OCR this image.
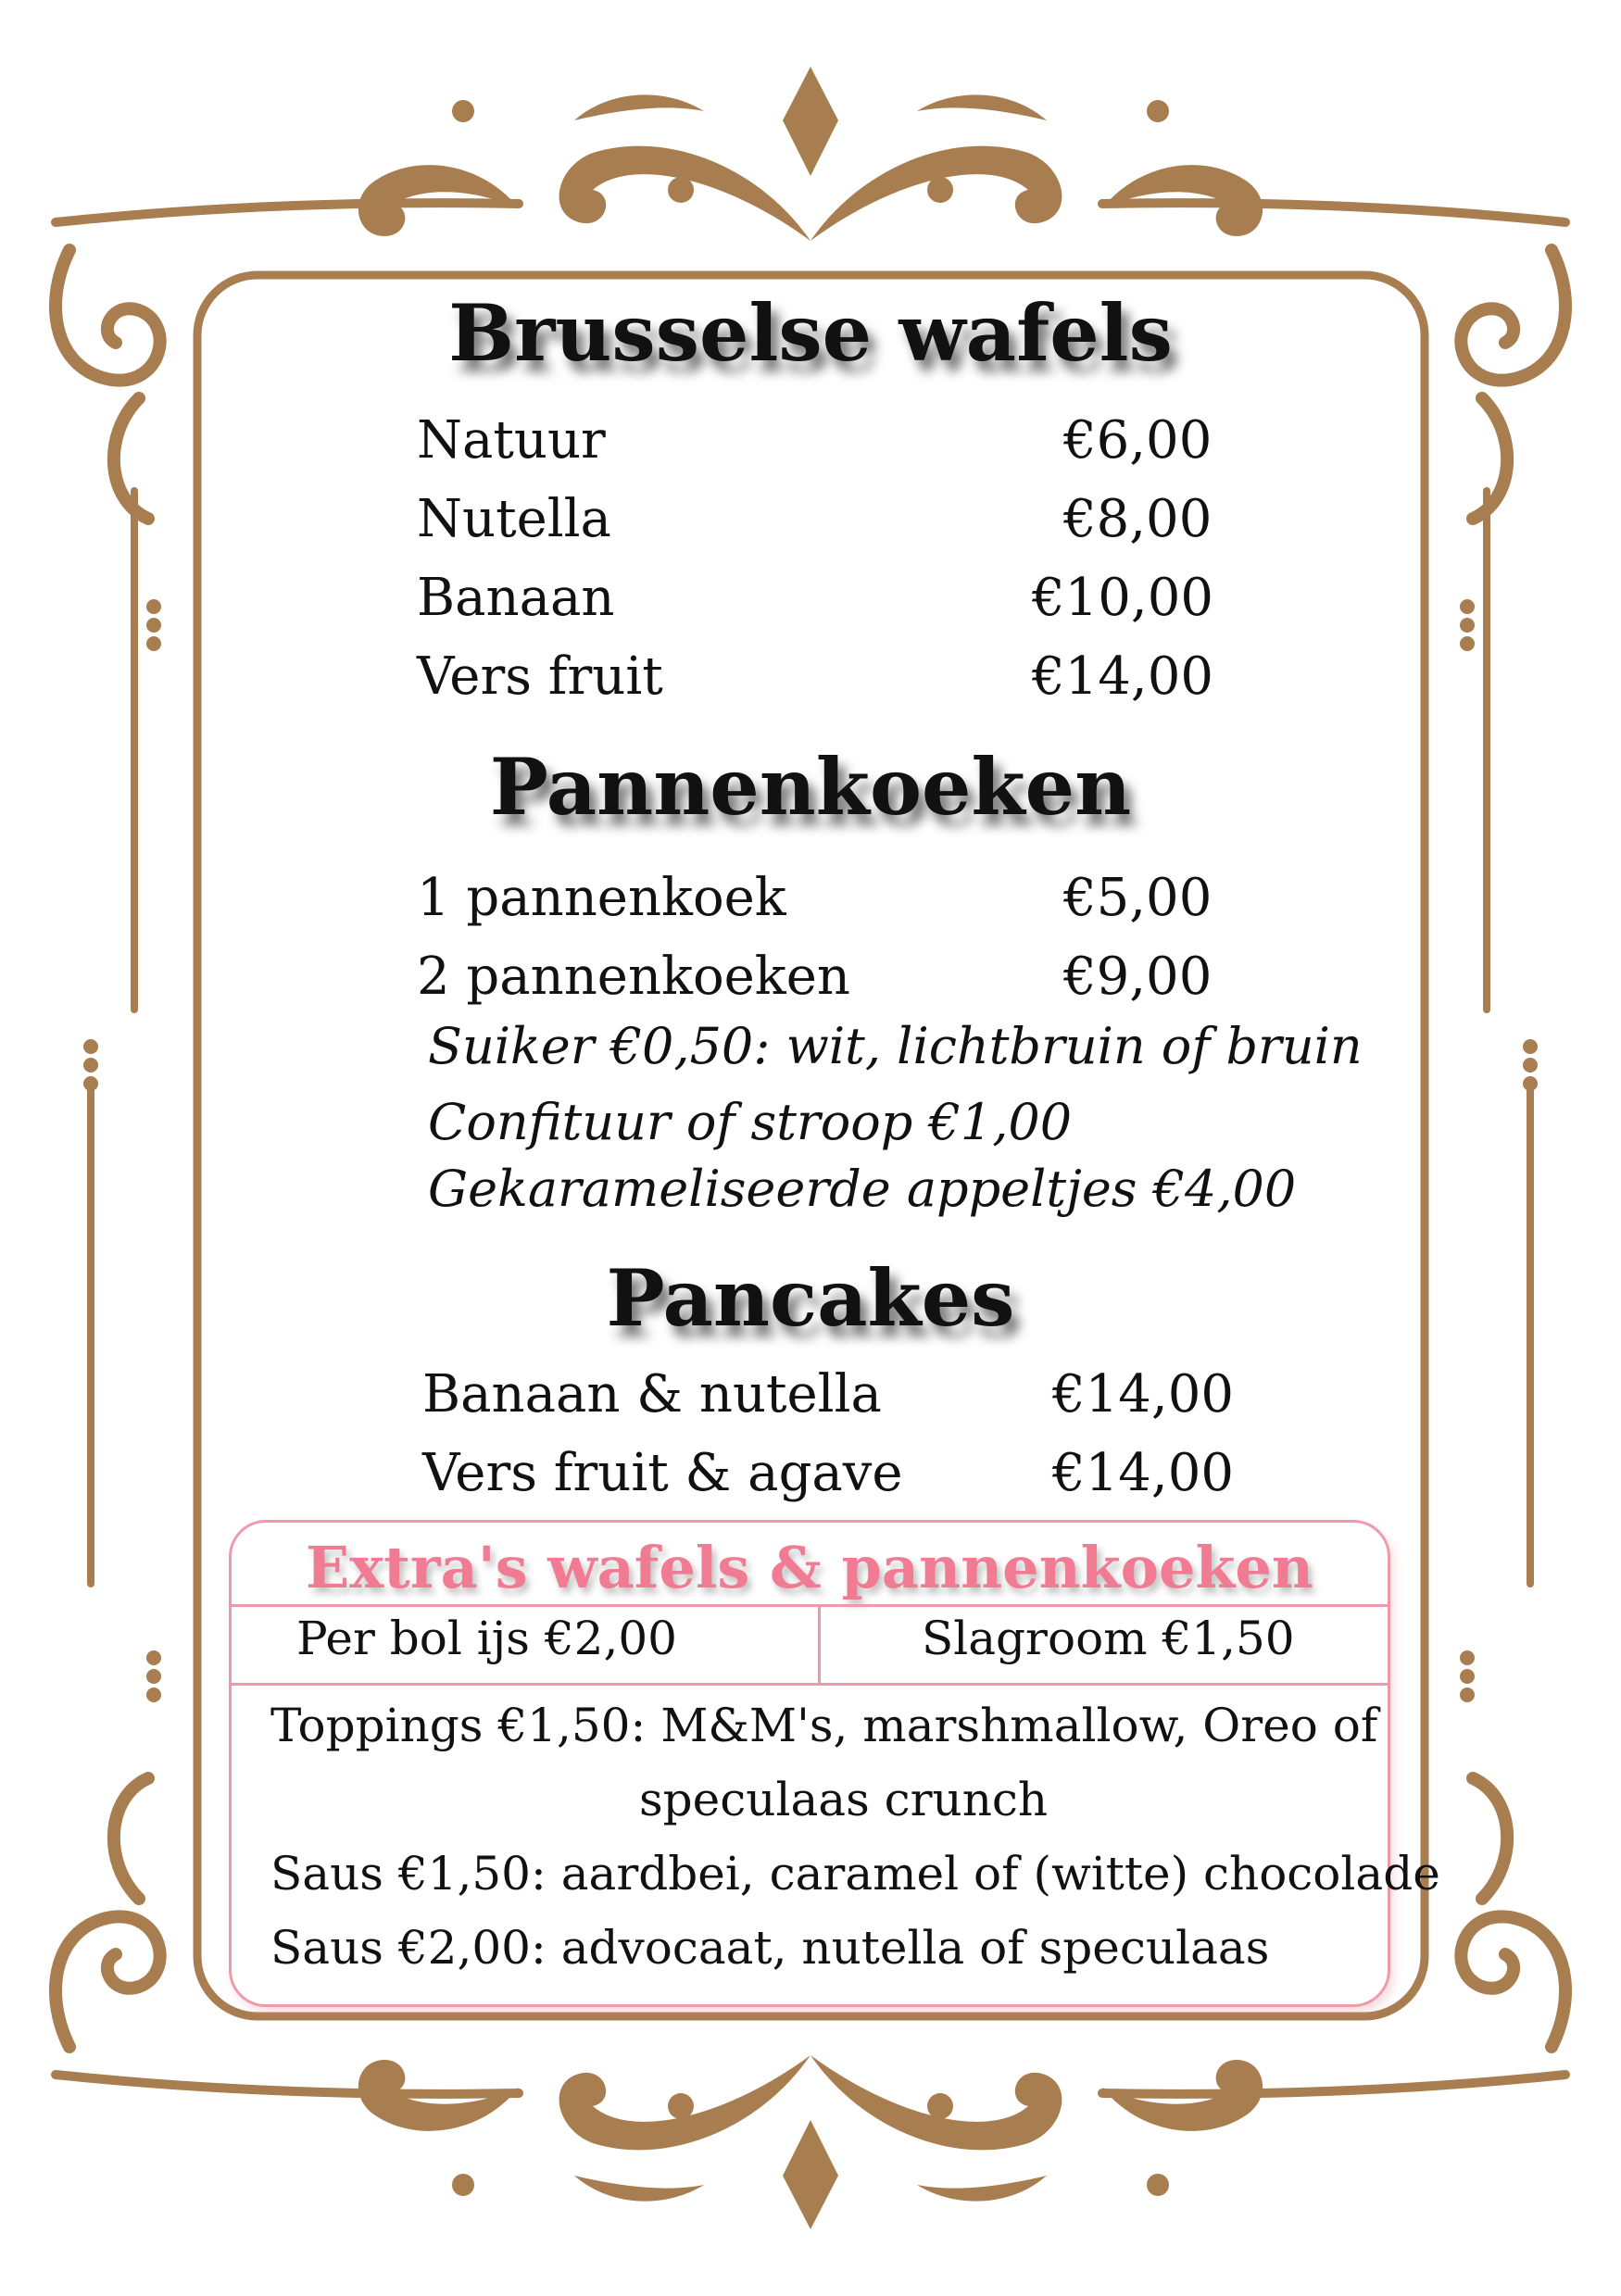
Brusselse wafels
Natuur	€6,00
Nutella	€8,00
Banaan	€10,00
Vers fruit	€14,00
Pannenkoeken
1 pannenkoek	€5,00
2 pannenkoeken	€9,00
Suiker €0,50: wit, lichtbruin of bruin
Confituur of stroop €1,00
Gekarameliseerde appeltjes €4,00
Pancakes
Banaan & nutella	€14,00
Vers fruit & agave	€14,00
Extra's wafels & pannenkoeken
Per bol ijs €2,00	Slagroom €1,50
Toppings €1,50: M&M's, marshmallow, Oreo of
speculaas crunch
Saus €1,50: aardbei, caramel of (witte) chocolade
Saus €2,00: advocaat, nutella of speculaas
